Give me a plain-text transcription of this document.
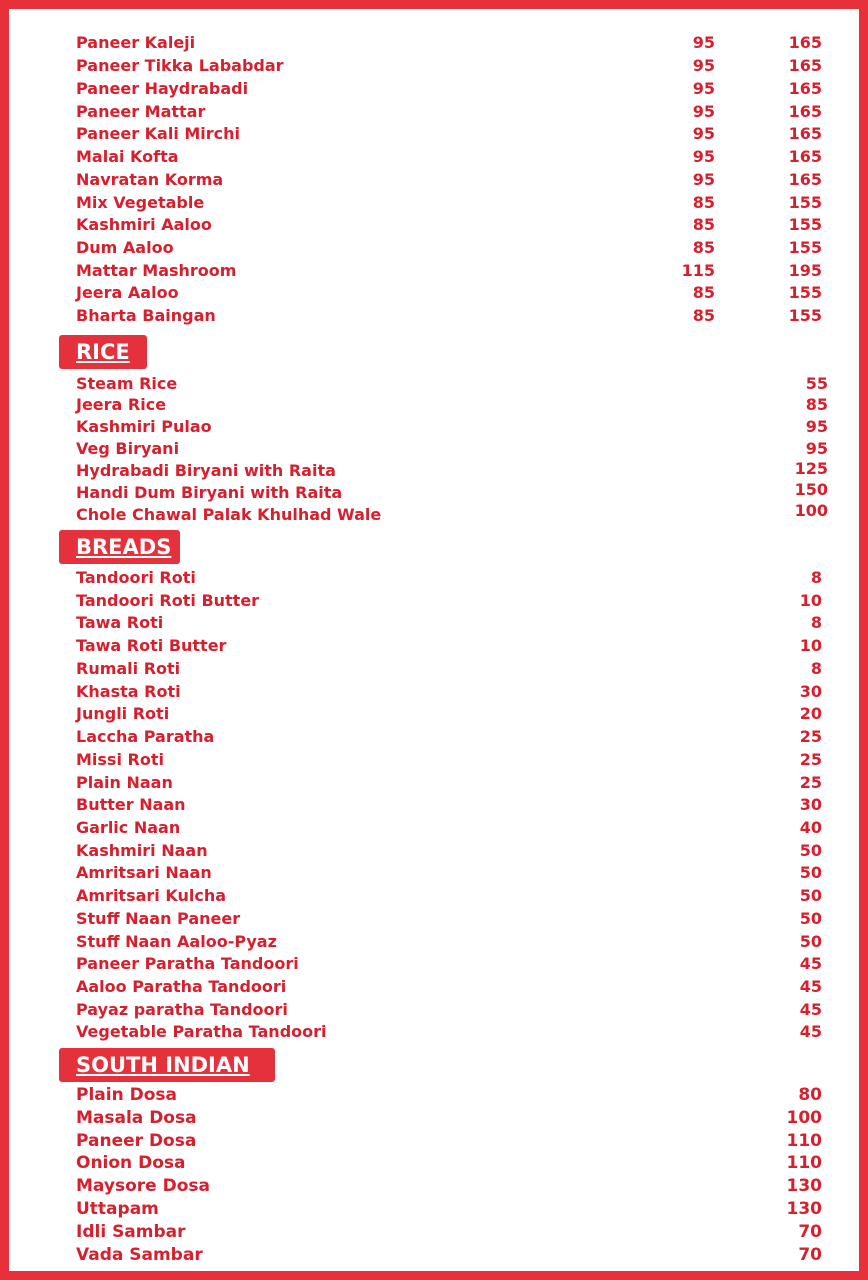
Paneer Kaleji	95	165
Paneer Tikka Lababdar	95	165
Paneer Haydrabadi	95	165
Paneer Mattar	95	165
Paneer Kali Mirchi	95	165
Malai Kofta	95	165
Navratan Korma	95	165
Mix Vegetable	85	155
Kashmiri Aaloo	85	155
Dum Aaloo	85	155
Mattar Mashroom	115	195
Jeera Aaloo	85	155
Bharta Baingan	85	155
RICE
Steam Rice	55
Jeera Rice	85
Kashmiri Pulao	95
Veg Biryani	95
Hydrabadi Biryani with Raita	125
Handi Dum Biryani with Raita	150
Chole Chawal Palak Khulhad Wale	100
BREADS
Tandoori Roti	8
Tandoori Roti Butter	10
Tawa Roti	8
Tawa Roti Butter	10
Rumali Roti	8
Khasta Roti	30
Jungli Roti	20
Laccha Paratha	25
Missi Roti	25
Plain Naan	25
Butter Naan	30
Garlic Naan	40
Kashmiri Naan	50
Amritsari Naan	50
Amritsari Kulcha	50
Stuff Naan Paneer	50
Stuff Naan Aaloo-Pyaz	50
Paneer Paratha Tandoori	45
Aaloo Paratha Tandoori	45
Payaz paratha Tandoori	45
Vegetable Paratha Tandoori	45
SOUTH INDIAN
Plain Dosa	80
Masala Dosa	100
Paneer Dosa	110
Onion Dosa	110
Maysore Dosa	130
Uttapam	130
Idli Sambar	70
Vada Sambar	70
